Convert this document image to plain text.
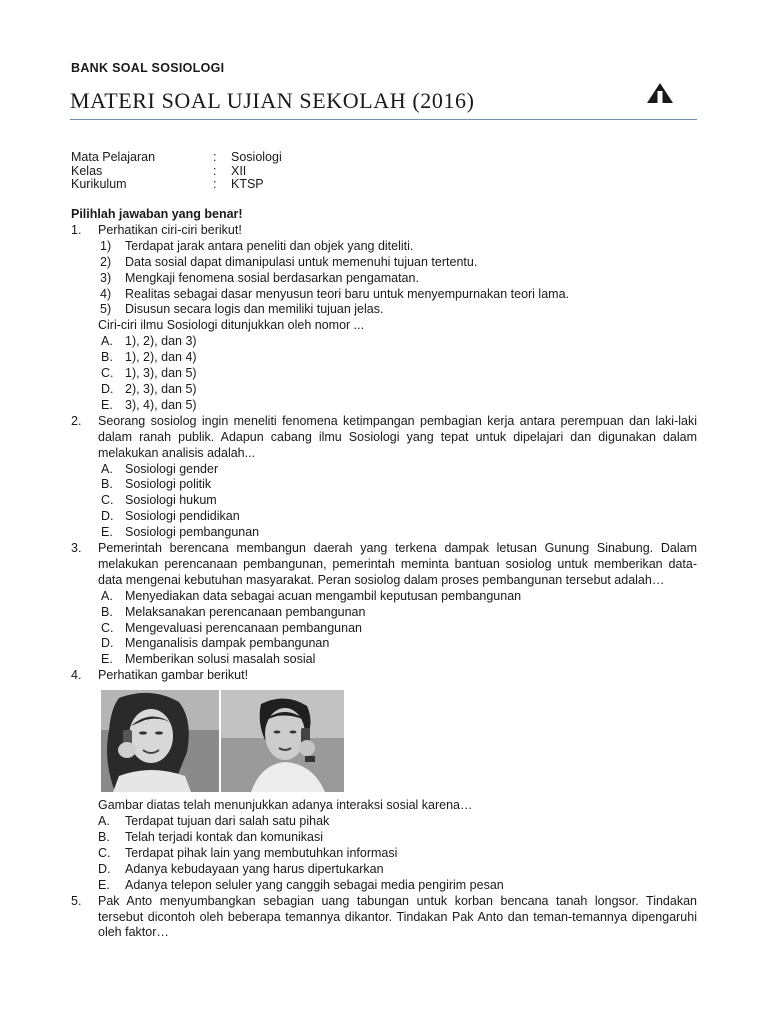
BANK SOAL SOSIOLOGI
MATERI SOAL UJIAN SEKOLAH (2016)
Mata Pelajaran	:	Sosiologi
Kelas	:	XII
Kurikulum	:	KTSP
Pilihlah jawaban yang benar!
1.	Perhatikan ciri-ciri berikut!
1)	Terdapat jarak antara peneliti dan objek yang diteliti.
2)	Data sosial dapat dimanipulasi untuk memenuhi tujuan tertentu.
3)	Mengkaji fenomena sosial berdasarkan pengamatan.
4)	Realitas sebagai dasar menyusun teori baru untuk menyempurnakan teori lama.
5)	Disusun secara logis dan memiliki tujuan jelas.
Ciri-ciri ilmu Sosiologi ditunjukkan oleh nomor ...
A. 1), 2), dan 3)
B. 1), 2), dan 4)
C. 1), 3), dan 5)
D. 2), 3), dan 5)
E. 3), 4), dan 5)
2.	Seorang sosiolog ingin meneliti fenomena ketimpangan pembagian kerja antara perempuan dan laki-laki dalam ranah publik. Adapun cabang ilmu Sosiologi yang tepat untuk dipelajari dan digunakan dalam melakukan analisis adalah...
A. Sosiologi gender
B. Sosiologi politik
C. Sosiologi hukum
D. Sosiologi pendidikan
E. Sosiologi pembangunan
3.	Pemerintah berencana membangun daerah yang terkena dampak letusan Gunung Sinabung. Dalam melakukan perencanaan pembangunan, pemerintah meminta bantuan sosiolog untuk memberikan data-data mengenai kebutuhan masyarakat. Peran sosiolog dalam proses pembangunan tersebut adalah…
A. Menyediakan data sebagai acuan mengambil keputusan pembangunan
B. Melaksanakan perencanaan pembangunan
C. Mengevaluasi perencanaan pembangunan
D. Menganalisis dampak pembangunan
E. Memberikan solusi masalah sosial
4.	Perhatikan gambar berikut!
Gambar diatas telah menunjukkan adanya interaksi sosial karena…
A.	Terdapat tujuan dari salah satu pihak
B.	Telah terjadi kontak dan komunikasi
C.	Terdapat pihak lain yang membutuhkan informasi
D.	Adanya kebudayaan yang harus dipertukarkan
E.	Adanya telepon seluler yang canggih sebagai media pengirim pesan
5.	Pak Anto menyumbangkan sebagian uang tabungan untuk korban bencana tanah longsor. Tindakan tersebut dicontoh oleh beberapa temannya dikantor. Tindakan Pak Anto dan teman-temannya dipengaruhi oleh faktor…
